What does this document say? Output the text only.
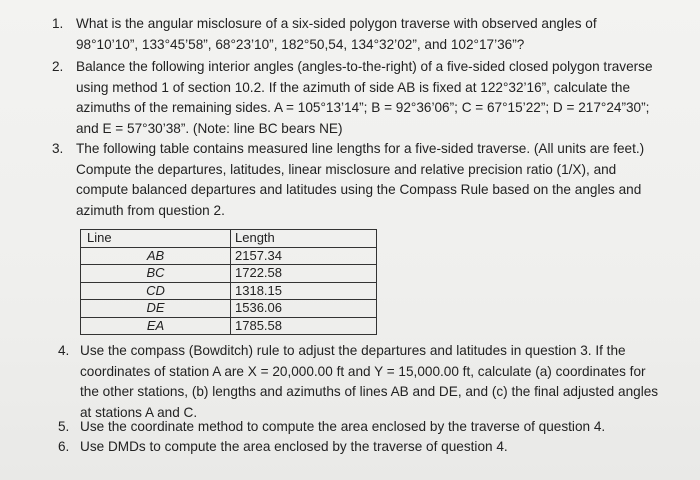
1. What is the angular misclosure of a six-sided polygon traverse with observed angles of
98°10’10”, 133°45’58”, 68°23’10”, 182°50,54, 134°32’02”, and 102°17’36”?
2. Balance the following interior angles (angles-to-the-right) of a five-sided closed polygon traverse
using method 1 of section 10.2. If the azimuth of side AB is fixed at 122°32’16”, calculate the
azimuths of the remaining sides. A = 105°13’14”; B = 92°36’06”; C = 67°15’22”; D = 217°24”30”;
and E = 57°30’38”. (Note: line BC bears NE)
3. The following table contains measured line lengths for a five-sided traverse. (All units are feet.)
Compute the departures, latitudes, linear misclosure and relative precision ratio (1/X), and
compute balanced departures and latitudes using the Compass Rule based on the angles and
azimuth from question 2.
Line	Length
AB	2157.34
BC	1722.58
CD	1318.15
DE	1536.06
EA	1785.58
4. Use the compass (Bowditch) rule to adjust the departures and latitudes in question 3. If the
coordinates of station A are X = 20,000.00 ft and Y = 15,000.00 ft, calculate (a) coordinates for
the other stations, (b) lengths and azimuths of lines AB and DE, and (c) the final adjusted angles
at stations A and C.
5. Use the coordinate method to compute the area enclosed by the traverse of question 4.
6. Use DMDs to compute the area enclosed by the traverse of question 4.
